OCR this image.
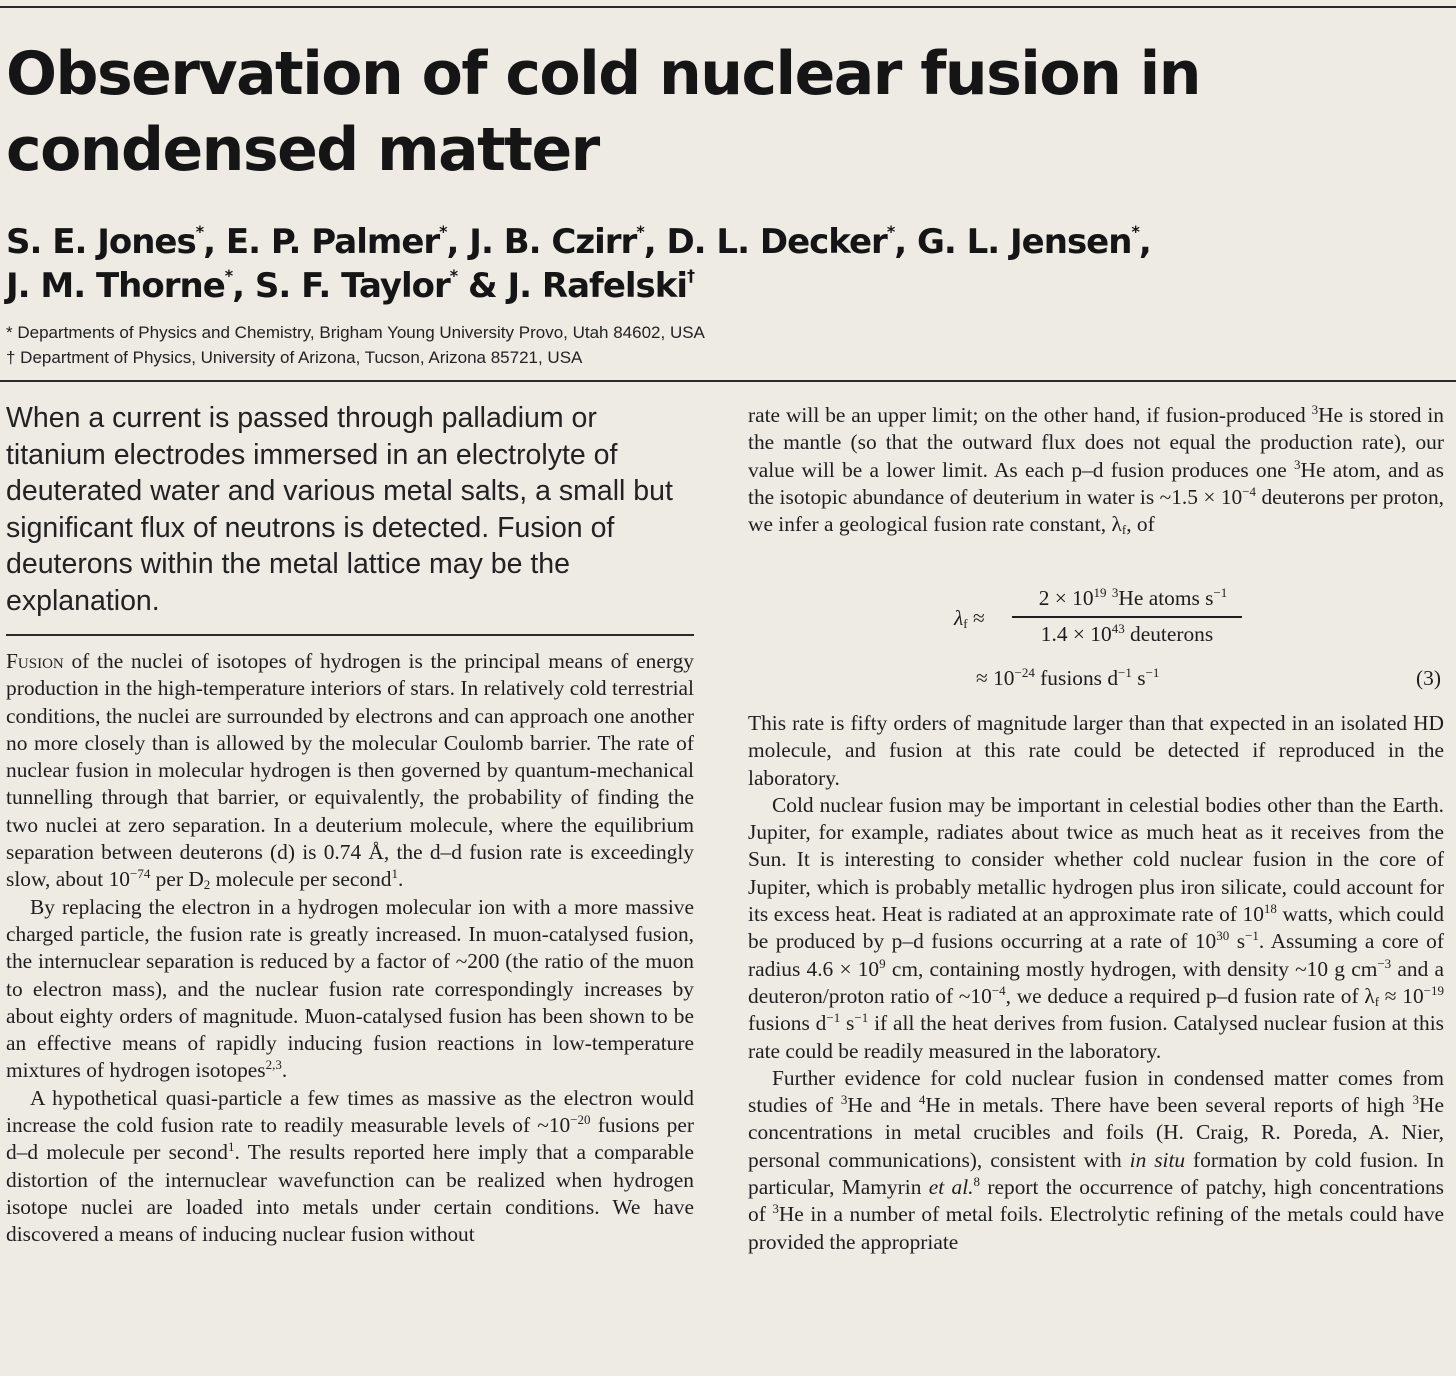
Observation of cold nuclear fusion in condensed matter
S. E. Jones*, E. P. Palmer*, J. B. Czirr*, D. L. Decker*, G. L. Jensen*,
J. M. Thorne*, S. F. Taylor* & J. Rafelski†
* Departments of Physics and Chemistry, Brigham Young University Provo, Utah 84602, USA
† Department of Physics, University of Arizona, Tucson, Arizona 85721, USA

When a current is passed through palladium or titanium electrodes immersed in an electrolyte of deuterated water and various metal salts, a small but significant flux of neutrons is detected. Fusion of deuterons within the metal lattice may be the explanation.

Fusion of the nuclei of isotopes of hydrogen is the principal means of energy production in the high-temperature interiors of stars. In relatively cold terrestrial conditions, the nuclei are surrounded by electrons and can approach one another no more closely than is allowed by the molecular Coulomb barrier. The rate of nuclear fusion in molecular hydrogen is then governed by quantum-mechanical tunnelling through that barrier, or equivalently, the probability of finding the two nuclei at zero separation. In a deuterium molecule, where the equilibrium separation between deuterons (d) is 0.74 Å, the d–d fusion rate is exceedingly slow, about $10^{-74}$ per $D_2$ molecule per second$^1$.

By replacing the electron in a hydrogen molecular ion with a more massive charged particle, the fusion rate is greatly increased. In muon-catalysed fusion, the internuclear separation is reduced by a factor of ~200 (the ratio of the muon to electron mass), and the nuclear fusion rate correspondingly increases by about eighty orders of magnitude. Muon-catalysed fusion has been shown to be an effective means of rapidly inducing fusion reactions in low-temperature mixtures of hydrogen isotopes$^{2,3}$.

A hypothetical quasi-particle a few times as massive as the electron would increase the cold fusion rate to readily measurable levels of $\sim 10^{-20}$ fusions per d–d molecule per second$^1$. The results reported here imply that a comparable distortion of the internuclear wavefunction can be realized when hydrogen isotope nuclei are loaded into metals under certain conditions. We have discovered a means of inducing nuclear fusion without

rate will be an upper limit; on the other hand, if fusion-produced $^3$He is stored in the mantle (so that the outward flux does not equal the production rate), our value will be a lower limit. As each p–d fusion produces one $^3$He atom, and as the isotopic abundance of deuterium in water is ~1.5 × $10^{-4}$ deuterons per proton, we infer a geological fusion rate constant, $\lambda_f$, of

$\lambda_f$ ≈
$2 \times 10^{19}$ $^3$He atoms $s^{-1}$
$1.4 \times 10^{43}$ deuterons
≈ $10^{-24}$ fusions $d^{-1}$ $s^{-1}$	(3)

This rate is fifty orders of magnitude larger than that expected in an isolated HD molecule, and fusion at this rate could be detected if reproduced in the laboratory.

Cold nuclear fusion may be important in celestial bodies other than the Earth. Jupiter, for example, radiates about twice as much heat as it receives from the Sun. It is interesting to consider whether cold nuclear fusion in the core of Jupiter, which is probably metallic hydrogen plus iron silicate, could account for its excess heat. Heat is radiated at an approximate rate of $10^{18}$ watts, which could be produced by p–d fusions occurring at a rate of $10^{30}$ $s^{-1}$. Assuming a core of radius $4.6 \times 10^9$ cm, containing mostly hydrogen, with density ~10 g $cm^{-3}$ and a deuteron/proton ratio of $\sim 10^{-4}$, we deduce a required p–d fusion rate of $\lambda_f \approx 10^{-19}$ fusions $d^{-1}$ $s^{-1}$ if all the heat derives from fusion. Catalysed nuclear fusion at this rate could be readily measured in the laboratory.

Further evidence for cold nuclear fusion in condensed matter comes from studies of $^3$He and $^4$He in metals. There have been several reports of high $^3$He concentrations in metal crucibles and foils (H. Craig, R. Poreda, A. Nier, personal communications), consistent with in situ formation by cold fusion. In particular, Mamyrin et al.$^8$ report the occurrence of patchy, high concentrations of $^3$He in a number of metal foils. Electrolytic refining of the metals could have provided the appropriate
